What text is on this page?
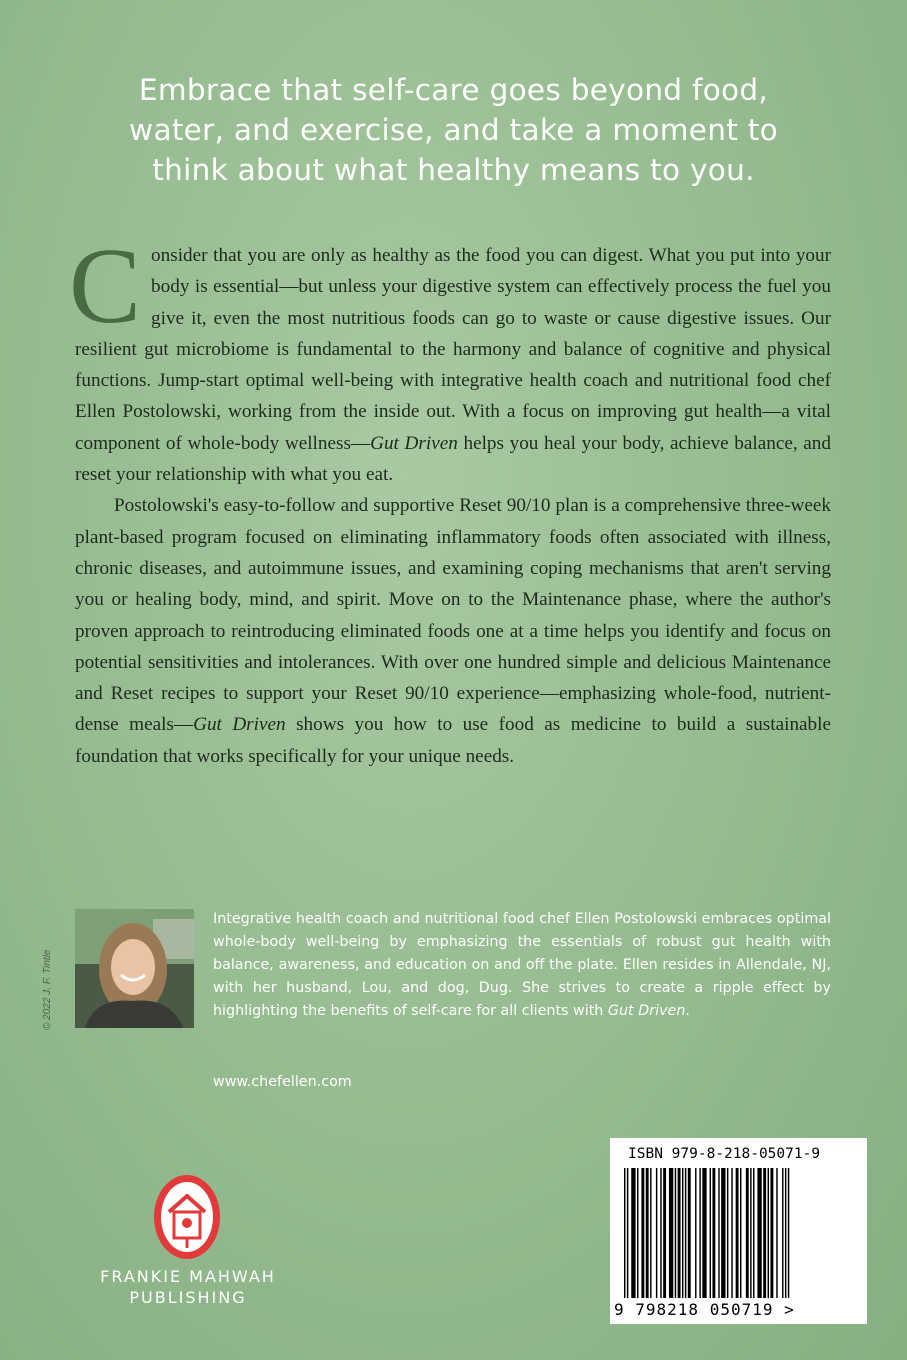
Embrace that self-care goes beyond food,
water, and exercise, and take a moment to
think about what healthy means to you.

Consider that you are only as healthy as the food you can digest. What you put into your body is essential—but unless your digestive system can effectively process the fuel you give it, even the most nutritious foods can go to waste or cause digestive issues. Our resilient gut microbiome is fundamental to the harmony and balance of cognitive and physical functions. Jump-start optimal well-being with integrative health coach and nutritional food chef Ellen Postolowski, working from the inside out. With a focus on improving gut health—a vital component of whole-body wellness—Gut Driven helps you heal your body, achieve balance, and reset your relationship with what you eat.

Postolowski's easy-to-follow and supportive Reset 90/10 plan is a comprehensive three-week plant-based program focused on eliminating inflammatory foods often associated with illness, chronic diseases, and autoimmune issues, and examining coping mechanisms that aren't serving you or healing body, mind, and spirit. Move on to the Maintenance phase, where the author's proven approach to reintroducing eliminated foods one at a time helps you identify and focus on potential sensitivities and intolerances. With over one hundred simple and delicious Maintenance and Reset recipes to support your Reset 90/10 experience—emphasizing whole-food, nutrient-dense meals—Gut Driven shows you how to use food as medicine to build a sustainable foundation that works specifically for your unique needs.

© 2022 J. F. Tintle
Integrative health coach and nutritional food chef Ellen Postolowski embraces optimal whole-body well-being by emphasizing the essentials of robust gut health with balance, awareness, and education on and off the plate. Ellen resides in Allendale, NJ, with her husband, Lou, and dog, Dug. She strives to create a ripple effect by highlighting the benefits of self-care for all clients with Gut Driven.
www.chefellen.com
FRANKIE MAHWAH
PUBLISHING
ISBN 979-8-218-05071-9
9 798218 050719 >
